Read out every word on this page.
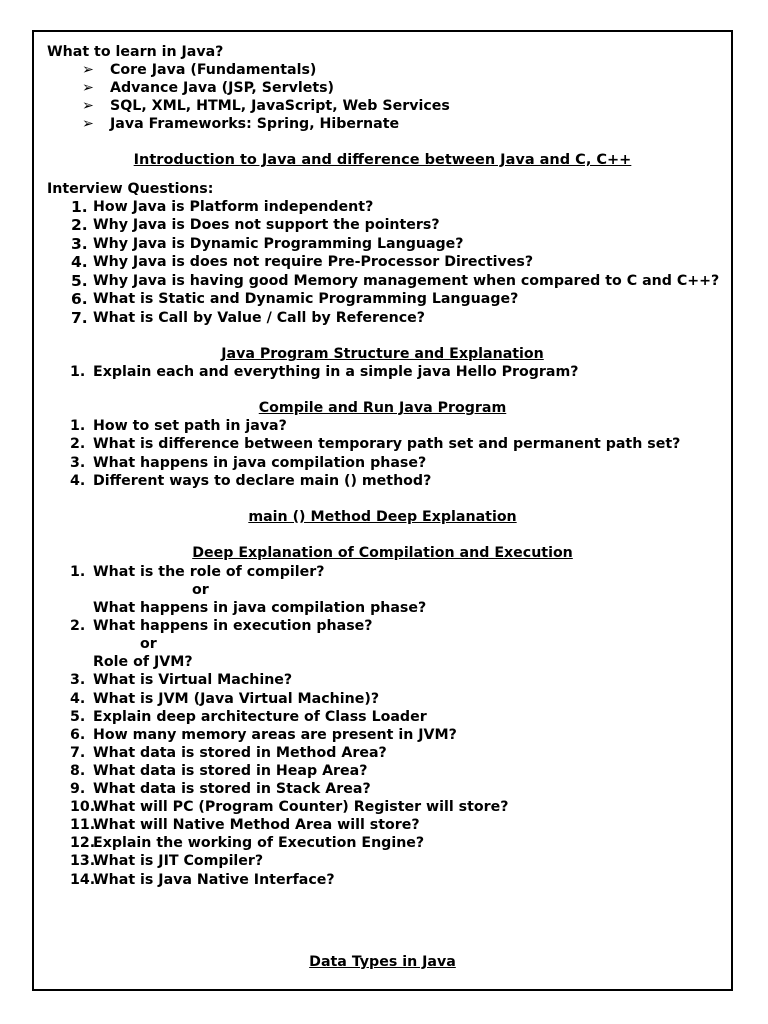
What to learn in Java?
➢ Core Java (Fundamentals)
➢ Advance Java (JSP, Servlets)
➢ SQL, XML, HTML, JavaScript, Web Services
➢ Java Frameworks: Spring, Hibernate
Introduction to Java and difference between Java and C, C++
Interview Questions:
1. How Java is Platform independent?
2. Why Java is Does not support the pointers?
3. Why Java is Dynamic Programming Language?
4. Why Java is does not require Pre-Processor Directives?
5. Why Java is having good Memory management when compared to C and C++?
6. What is Static and Dynamic Programming Language?
7. What is Call by Value / Call by Reference?
Java Program Structure and Explanation
1. Explain each and everything in a simple java Hello Program?
Compile and Run Java Program
1. How to set path in java?
2. What is difference between temporary path set and permanent path set?
3. What happens in java compilation phase?
4. Different ways to declare main () method?
main () Method Deep Explanation
Deep Explanation of Compilation and Execution
1. What is the role of compiler?
or
What happens in java compilation phase?
2. What happens in execution phase?
or
Role of JVM?
3. What is Virtual Machine?
4. What is JVM (Java Virtual Machine)?
5. Explain deep architecture of Class Loader
6. How many memory areas are present in JVM?
7. What data is stored in Method Area?
8. What data is stored in Heap Area?
9. What data is stored in Stack Area?
10.
What will PC (Program Counter) Register will store?
11.
What will Native Method Area will store?
12.
Explain the working of Execution Engine?
13.
What is JIT Compiler?
14.
What is Java Native Interface?
Data Types in Java
